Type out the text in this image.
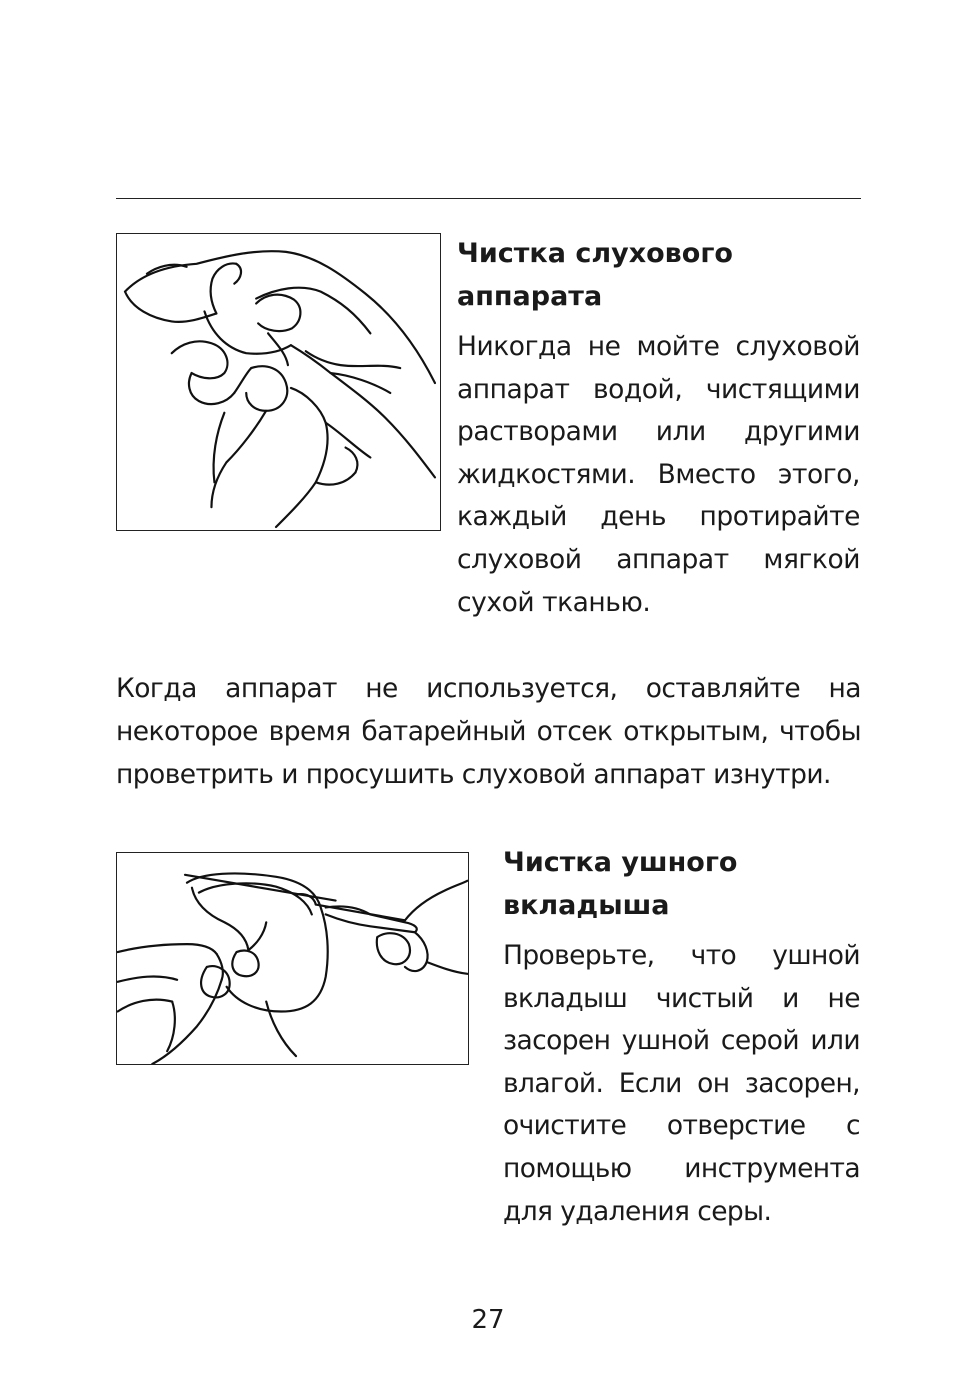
Чистка слухового аппарата

Никогда не мойте слуховой аппарат водой, чистящими растворами или другими жидкостями. Вместо этого, каждый день протирайте слуховой аппарат мягкой сухой тканью.

Когда аппарат не используется, оставляйте на некоторое время батарейный отсек открытым, чтобы проветрить и просушить слуховой аппарат изнутри.

Чистка ушного вкладыша

Проверьте, что ушной вкладыш чистый и не засорен ушной серой или влагой. Если он засорен, очистите отверстие с помощью инструмента для удаления серы.

27
